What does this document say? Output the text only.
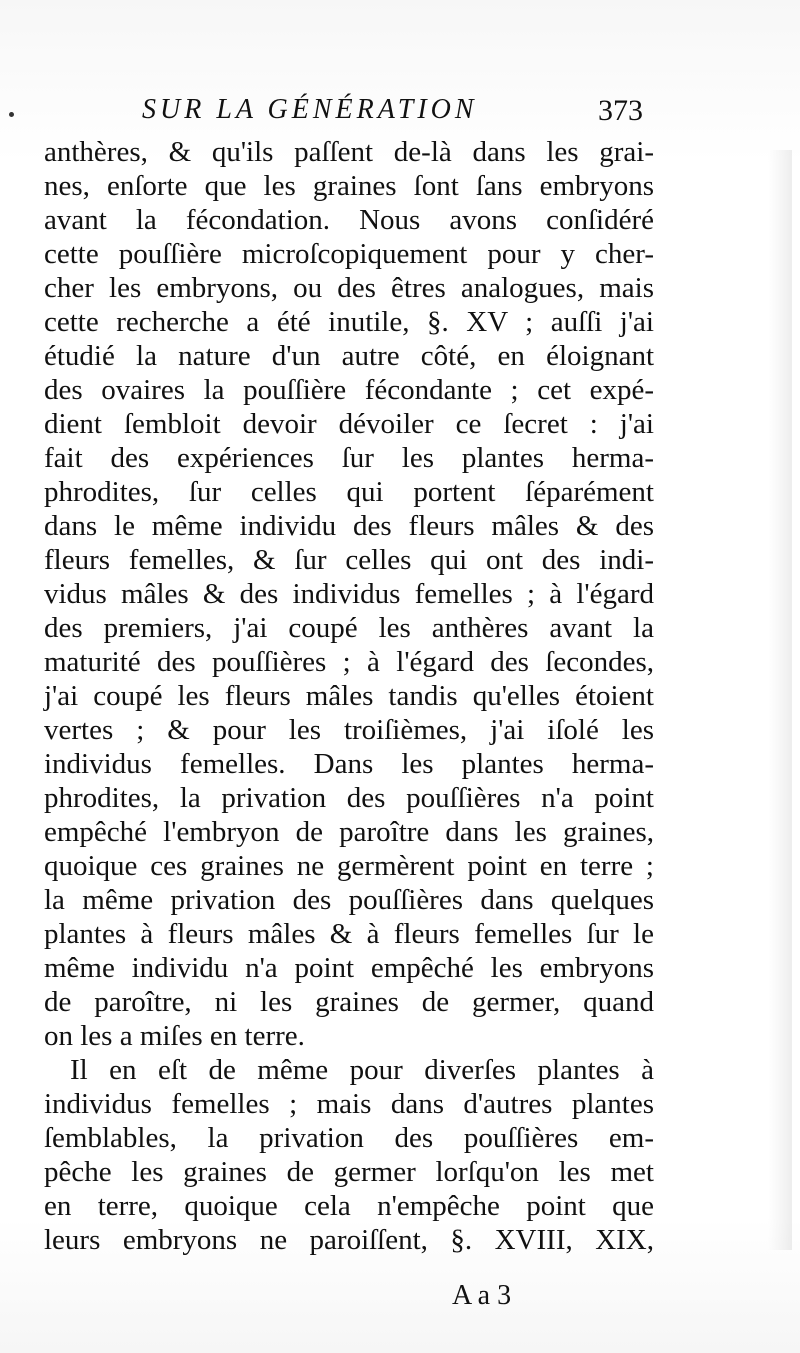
SUR LA GÉNÉRATION	373
anthères, & qu'ils paſſent de-là dans les grai-
nes, enſorte que les graines ſont ſans embryons
avant la fécondation. Nous avons conſidéré
cette pouſſière microſcopiquement pour y cher-
cher les embryons, ou des êtres analogues, mais
cette recherche a été inutile, §. XV ; auſſi j'ai
étudié la nature d'un autre côté, en éloignant
des ovaires la pouſſière fécondante ; cet expé-
dient ſembloit devoir dévoiler ce ſecret : j'ai
fait des expériences ſur les plantes herma-
phrodites, ſur celles qui portent ſéparément
dans le même individu des fleurs mâles & des
fleurs femelles, & ſur celles qui ont des indi-
vidus mâles & des individus femelles ; à l'égard
des premiers, j'ai coupé les anthères avant la
maturité des pouſſières ; à l'égard des ſecondes,
j'ai coupé les fleurs mâles tandis qu'elles étoient
vertes ; & pour les troiſièmes, j'ai iſolé les
individus femelles. Dans les plantes herma-
phrodites, la privation des pouſſières n'a point
empêché l'embryon de paroître dans les graines,
quoique ces graines ne germèrent point en terre ;
la même privation des pouſſières dans quelques
plantes à fleurs mâles & à fleurs femelles ſur le
même individu n'a point empêché les embryons
de paroître, ni les graines de germer, quand
on les a miſes en terre.
Il en eſt de même pour diverſes plantes à
individus femelles ; mais dans d'autres plantes
ſemblables, la privation des pouſſières em-
pêche les graines de germer lorſqu'on les met
en terre, quoique cela n'empêche point que
leurs embryons ne paroiſſent, §. XVIII, XIX,
A a 3
